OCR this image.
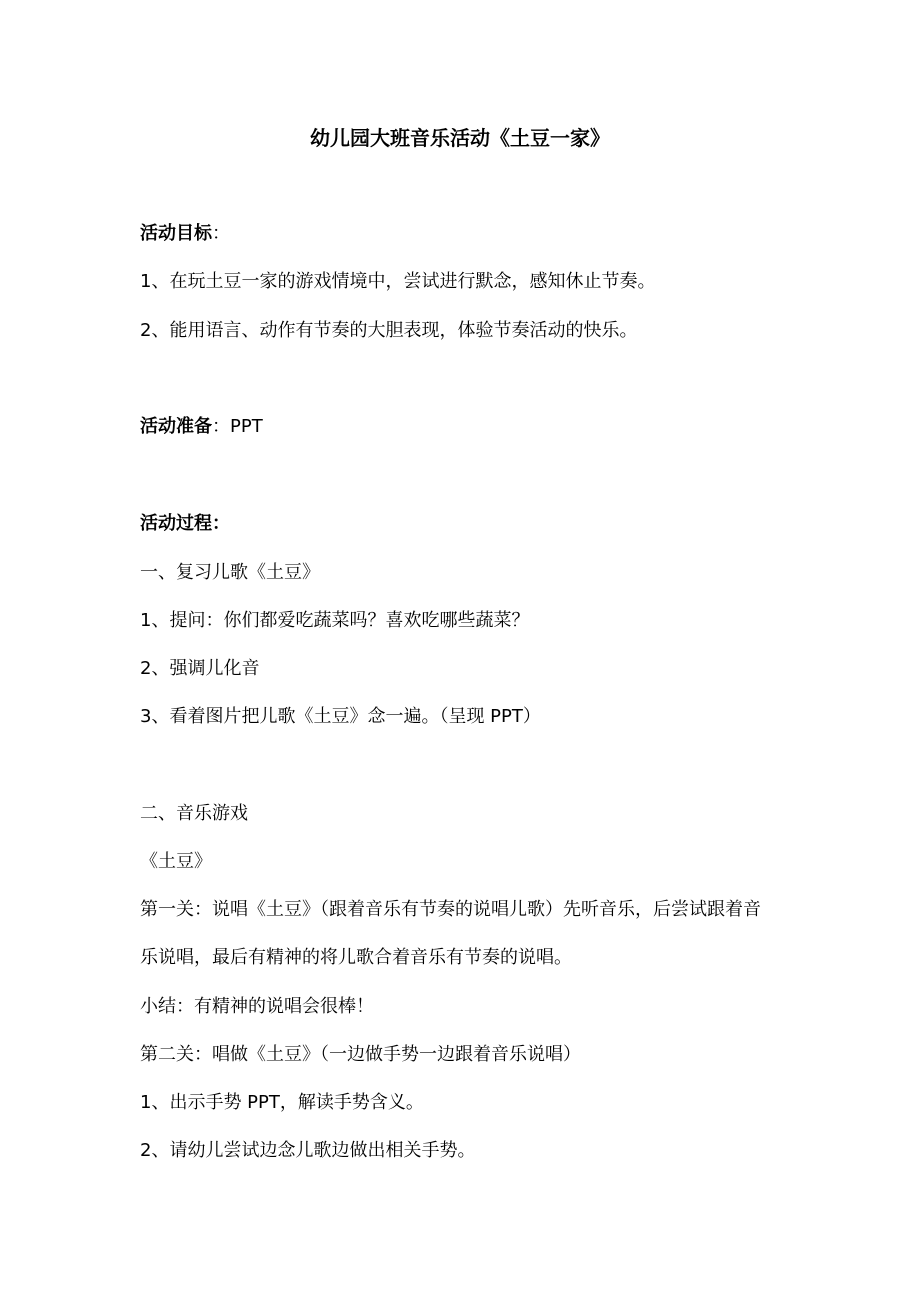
幼儿园大班音乐活动《土豆一家》
活动目标：
1、在玩土豆一家的游戏情境中，尝试进行默念，感知休止节奏。
2、能用语言、动作有节奏的大胆表现，体验节奏活动的快乐。
活动准备：PPT
活动过程：
一、复习儿歌《土豆》
1、提问：你们都爱吃蔬菜吗？喜欢吃哪些蔬菜？
2、强调儿化音
3、看着图片把儿歌《土豆》念一遍。（呈现 PPT）
二、音乐游戏
《土豆》
第一关：说唱《土豆》（跟着音乐有节奏的说唱儿歌）先听音乐，后尝试跟着音
乐说唱，最后有精神的将儿歌合着音乐有节奏的说唱。
小结：有精神的说唱会很棒！
第二关：唱做《土豆》（一边做手势一边跟着音乐说唱）
1、出示手势 PPT，解读手势含义。
2、请幼儿尝试边念儿歌边做出相关手势。
